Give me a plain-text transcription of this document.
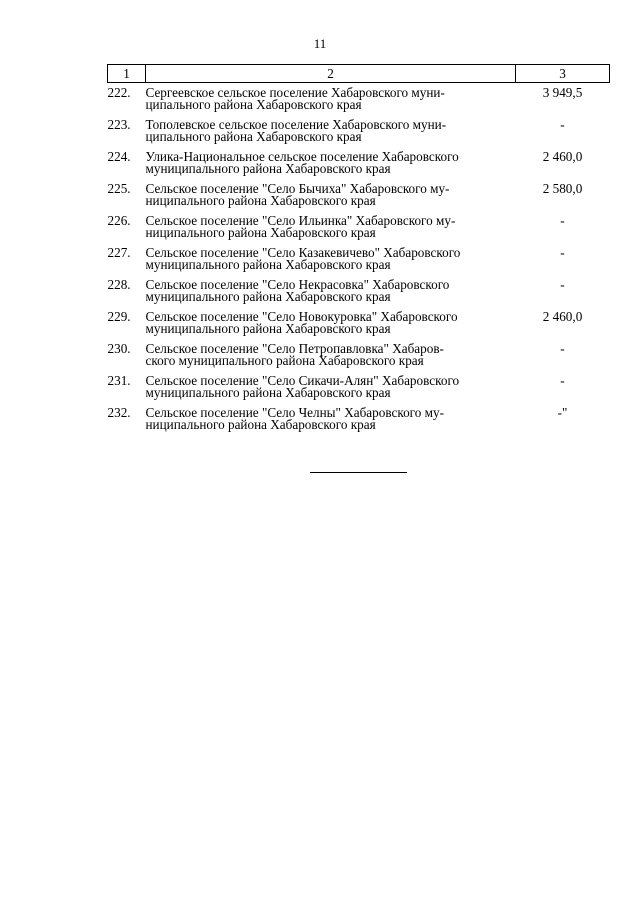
11
1	2	3
222.	Сергеевское сельское поселение Хабаровского муни-
ципального района Хабаровского края	3 949,5
223.	Тополевское сельское поселение Хабаровского муни-
ципального района Хабаровского края	-
224.	Улика-Национальное сельское поселение Хабаровского
муниципального района Хабаровского края	2 460,0
225.	Сельское поселение "Село Бычиха" Хабаровского му-
ниципального района Хабаровского края	2 580,0
226.	Сельское поселение "Село Ильинка" Хабаровского му-
ниципального района Хабаровского края	-
227.	Сельское поселение "Село Казакевичево" Хабаровского
муниципального района Хабаровского края	-
228.	Сельское поселение "Село Некрасовка" Хабаровского
муниципального района Хабаровского края	-
229.	Сельское поселение "Село Новокуровка" Хабаровского
муниципального района Хабаровского края	2 460,0
230.	Сельское поселение "Село Петропавловка" Хабаров-
ского муниципального района Хабаровского края	-
231.	Сельское поселение "Село Сикачи-Алян" Хабаровского
муниципального района Хабаровского края	-
232.	Сельское поселение "Село Челны" Хабаровского му-
ниципального района Хабаровского края	-"
